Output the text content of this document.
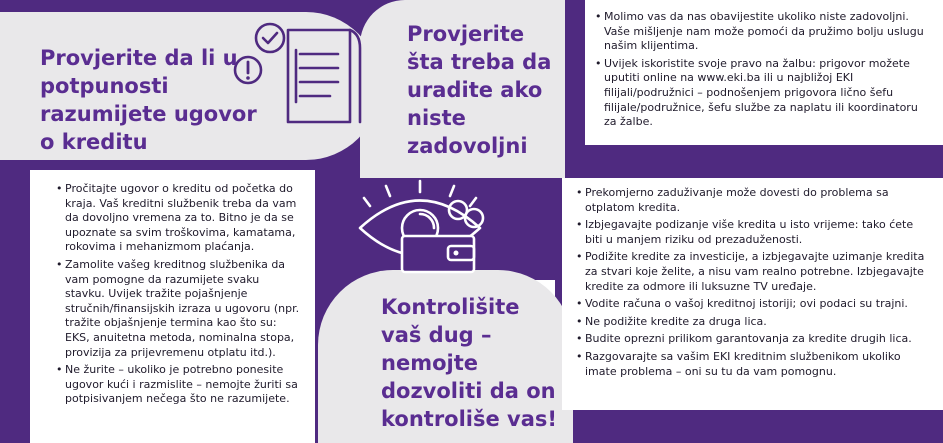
Provjerite da li u potpunosti razumijete ugovor o kreditu
• Pročitajte ugovor o kreditu od početka do kraja. Vaš kreditni službenik treba da vam da dovoljno vremena za to. Bitno je da se upoznate sa svim troškovima, kamatama, rokovima i mehanizmom plaćanja.
• Zamolite vašeg kreditnog službenika da vam pomogne da razumijete svaku stavku. Uvijek tražite pojašnjenje stručnih/finansijskih izraza u ugovoru (npr. tražite objašnjenje termina kao što su: EKS, anuitetna metoda, nominalna stopa, provizija za prijevremenu otplatu itd.).
• Ne žurite – ukoliko je potrebno ponesite ugovor kući i razmislite – nemojte žuriti sa potpisivanjem nečega što ne razumijete.
Provjerite šta treba da uradite ako niste zadovoljni
• Molimo vas da nas obavijestite ukoliko niste zadovoljni. Vaše mišljenje nam može pomoći da pružimo bolju uslugu našim klijentima.
• Uvijek iskoristite svoje pravo na žalbu: prigovor možete uputiti online na www.eki.ba ili u najbližoj EKI filijali/podružnici – podnošenjem prigovora lično šefu filijale/podružnice, šefu službe za naplatu ili koordinatoru za žalbe.
Kontrolišite vaš dug – nemojte dozvoliti da on kontroliše vas!
• Prekomjerno zaduživanje može dovesti do problema sa otplatom kredita.
• Izbjegavajte podizanje više kredita u isto vrijeme: tako ćete biti u manjem riziku od prezaduženosti.
• Podižite kredite za investicije, a izbjegavajte uzimanje kredita za stvari koje želite, a nisu vam realno potrebne. Izbjegavajte kredite za odmore ili luksuzne TV uređaje.
• Vodite računa o vašoj kreditnoj istoriji; ovi podaci su trajni.
• Ne podižite kredite za druga lica.
• Budite oprezni prilikom garantovanja za kredite drugih lica.
• Razgovarajte sa vašim EKI kreditnim službenikom ukoliko imate problema – oni su tu da vam pomognu.
